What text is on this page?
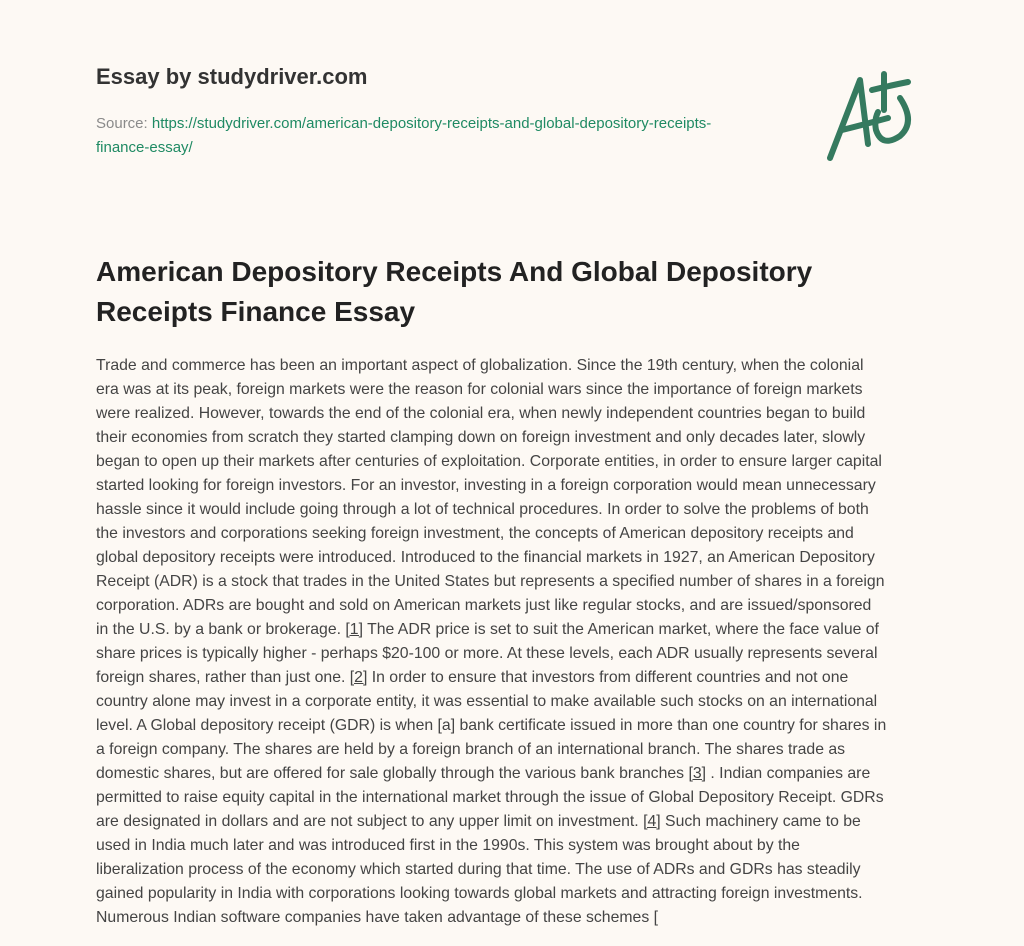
Essay by studydriver.com
Source: https://studydriver.com/american-depository-receipts-and-global-depository-receipts-finance-essay/
American Depository Receipts And Global Depository Receipts Finance Essay
Trade and commerce has been an important aspect of globalization. Since the 19th century, when the colonial
era was at its peak, foreign markets were the reason for colonial wars since the importance of foreign markets
were realized. However, towards the end of the colonial era, when newly independent countries began to build
their economies from scratch they started clamping down on foreign investment and only decades later, slowly
began to open up their markets after centuries of exploitation. Corporate entities, in order to ensure larger capital
started looking for foreign investors. For an investor, investing in a foreign corporation would mean unnecessary
hassle since it would include going through a lot of technical procedures. In order to solve the problems of both
the investors and corporations seeking foreign investment, the concepts of American depository receipts and
global depository receipts were introduced. Introduced to the financial markets in 1927, an American Depository
Receipt (ADR) is a stock that trades in the United States but represents a specified number of shares in a foreign
corporation. ADRs are bought and sold on American markets just like regular stocks, and are issued/sponsored
in the U.S. by a bank or brokerage. [1] The ADR price is set to suit the American market, where the face value of
share prices is typically higher - perhaps $20-100 or more. At these levels, each ADR usually represents several
foreign shares, rather than just one. [2] In order to ensure that investors from different countries and not one
country alone may invest in a corporate entity, it was essential to make available such stocks on an international
level. A Global depository receipt (GDR) is when [a] bank certificate issued in more than one country for shares in
a foreign company. The shares are held by a foreign branch of an international branch. The shares trade as
domestic shares, but are offered for sale globally through the various bank branches [3] . Indian companies are
permitted to raise equity capital in the international market through the issue of Global Depository Receipt. GDRs
are designated in dollars and are not subject to any upper limit on investment. [4] Such machinery came to be
used in India much later and was introduced first in the 1990s. This system was brought about by the
liberalization process of the economy which started during that time. The use of ADRs and GDRs has steadily
gained popularity in India with corporations looking towards global markets and attracting foreign investments.
Numerous Indian software companies have taken advantage of these schemes [
